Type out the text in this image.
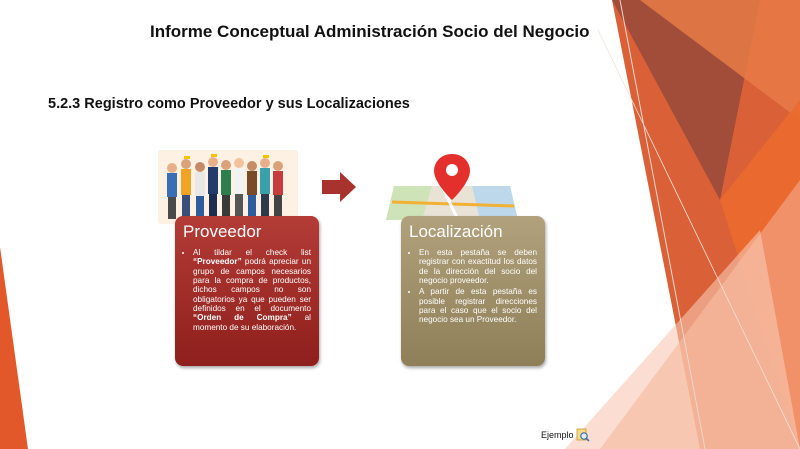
Informe Conceptual Administración Socio del Negocio
5.2.3 Registro como Proveedor y sus Localizaciones
Proveedor
• Al tildar el check list “Proveedor” podrá apreciar un grupo de campos necesarios para la compra de productos, dichos campos no son obligatorios ya que pueden ser definidos en el documento “Orden de Compra” al momento de su elaboración.
Localización
• En esta pestaña se deben registrar con exactitud los datos de la dirección del socio del negocio proveedor.
• A partir de esta pestaña es posible registrar direcciones para el caso que el socio del negocio sea un Proveedor.
Ejemplo
